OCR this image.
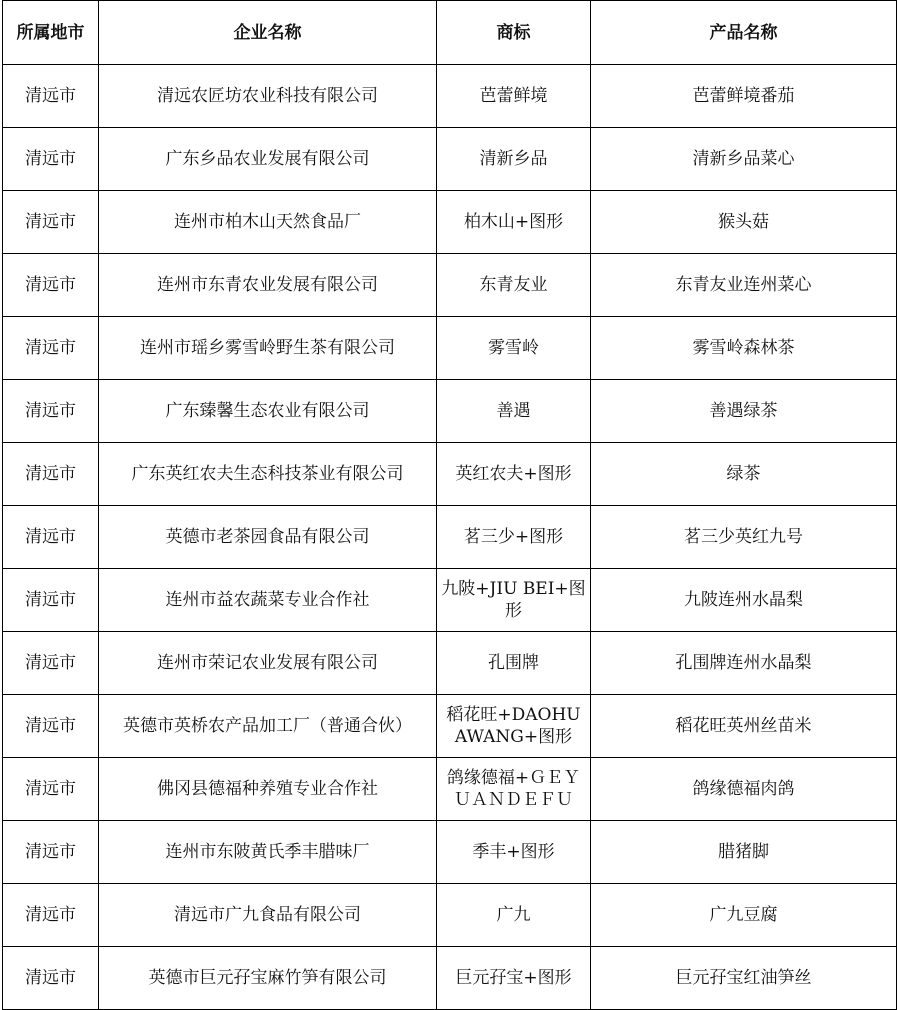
所属地市	企业名称	商标	产品名称
清远市	清远农匠坊农业科技有限公司	芭蕾鲜境	芭蕾鲜境番茄
清远市	广东乡品农业发展有限公司	清新乡品	清新乡品菜心
清远市	连州市柏木山天然食品厂	柏木山+图形	猴头菇
清远市	连州市东青农业发展有限公司	东青友业	东青友业连州菜心
清远市	连州市瑶乡雾雪岭野生茶有限公司	雾雪岭	雾雪岭森林茶
清远市	广东臻馨生态农业有限公司	善遇	善遇绿茶
清远市	广东英红农夫生态科技茶业有限公司	英红农夫+图形	绿茶
清远市	英德市老茶园食品有限公司	茗三少+图形	茗三少英红九号
清远市	连州市益农蔬菜专业合作社	九陂+JIU BEI+图形	九陂连州水晶梨
清远市	连州市荣记农业发展有限公司	孔围牌	孔围牌连州水晶梨
清远市	英德市英桥农产品加工厂（普通合伙）	稻花旺+DAOHUAWANG+图形	稻花旺英州丝苗米
清远市	佛冈县德福种养殖专业合作社	鸽缘德福+ＧＥＹＵＡＮＤＥＦＵ	鸽缘德福肉鸽
清远市	连州市东陂黄氏季丰腊味厂	季丰+图形	腊猪脚
清远市	清远市广九食品有限公司	广九	广九豆腐
清远市	英德市巨元孖宝麻竹笋有限公司	巨元孖宝+图形	巨元孖宝红油笋丝
